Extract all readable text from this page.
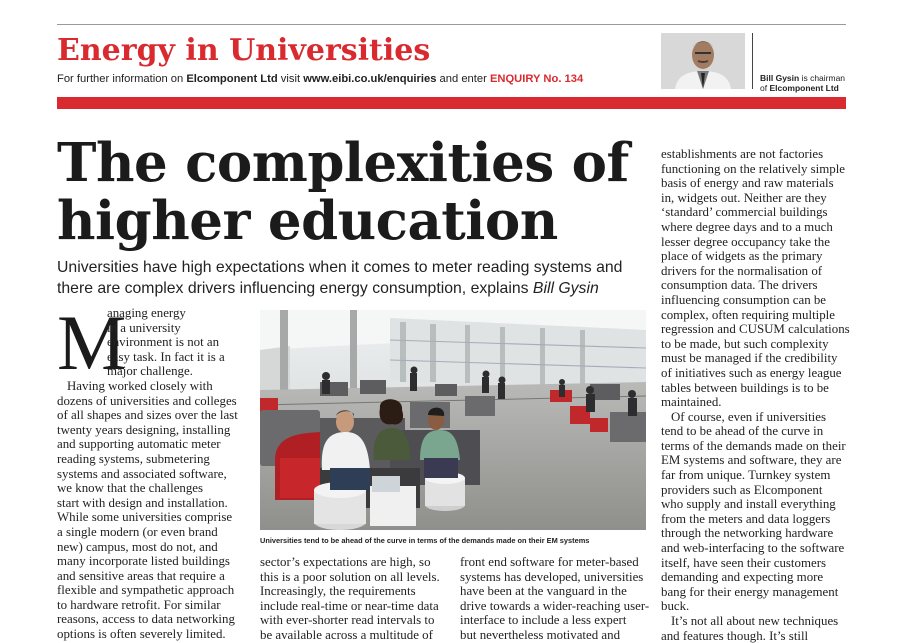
Energy in Universities
For further information on Elcomponent Ltd visit www.eibi.co.uk/enquiries and enter ENQUIRY No. 134	Bill Gysin is chairman
of Elcomponent Ltd
The complexities of
higher education
Universities have high expectations when it comes to meter reading systems and
there are complex drivers influencing energy consumption, explains Bill Gysin
M
anaging energy
in a university
environment is not an
easy task. In fact it is a
major challenge.
Having worked closely with
dozens of universities and colleges
of all shapes and sizes over the last
twenty years designing, installing
and supporting automatic meter
reading systems, submetering
systems and associated software,
we know that the challenges
start with design and installation.
While some universities comprise
a single modern (or even brand
new) campus, most do not, and
many incorporate listed buildings
and sensitive areas that require a
flexible and sympathetic approach
to hardware retrofit. For similar
reasons, access to data networking
options is often severely limited.
Universities tend to be ahead of the curve in terms of the demands made on their EM systems
sector’s expectations are high, so
this is a poor solution on all levels.
Increasingly, the requirements
include real-time or near-time data
with ever-shorter read intervals to
be available across a multitude of
front end software for meter-based
systems has developed, universities
have been at the vanguard in the
drive towards a wider-reaching user-
interface to include a less expert
but nevertheless motivated and
establishments are not factories
functioning on the relatively simple
basis of energy and raw materials
in, widgets out. Neither are they
‘standard’ commercial buildings
where degree days and to a much
lesser degree occupancy take the
place of widgets as the primary
drivers for the normalisation of
consumption data. The drivers
influencing consumption can be
complex, often requiring multiple
regression and CUSUM calculations
to be made, but such complexity
must be managed if the credibility
of initiatives such as energy league
tables between buildings is to be
maintained.
Of course, even if universities
tend to be ahead of the curve in
terms of the demands made on their
EM systems and software, they are
far from unique. Turnkey system
providers such as Elcomponent
who supply and install everything
from the meters and data loggers
through the networking hardware
and web-interfacing to the software
itself, have seen their customers
demanding and expecting more
bang for their energy management
buck.
It’s not all about new techniques
and features though. It’s still
